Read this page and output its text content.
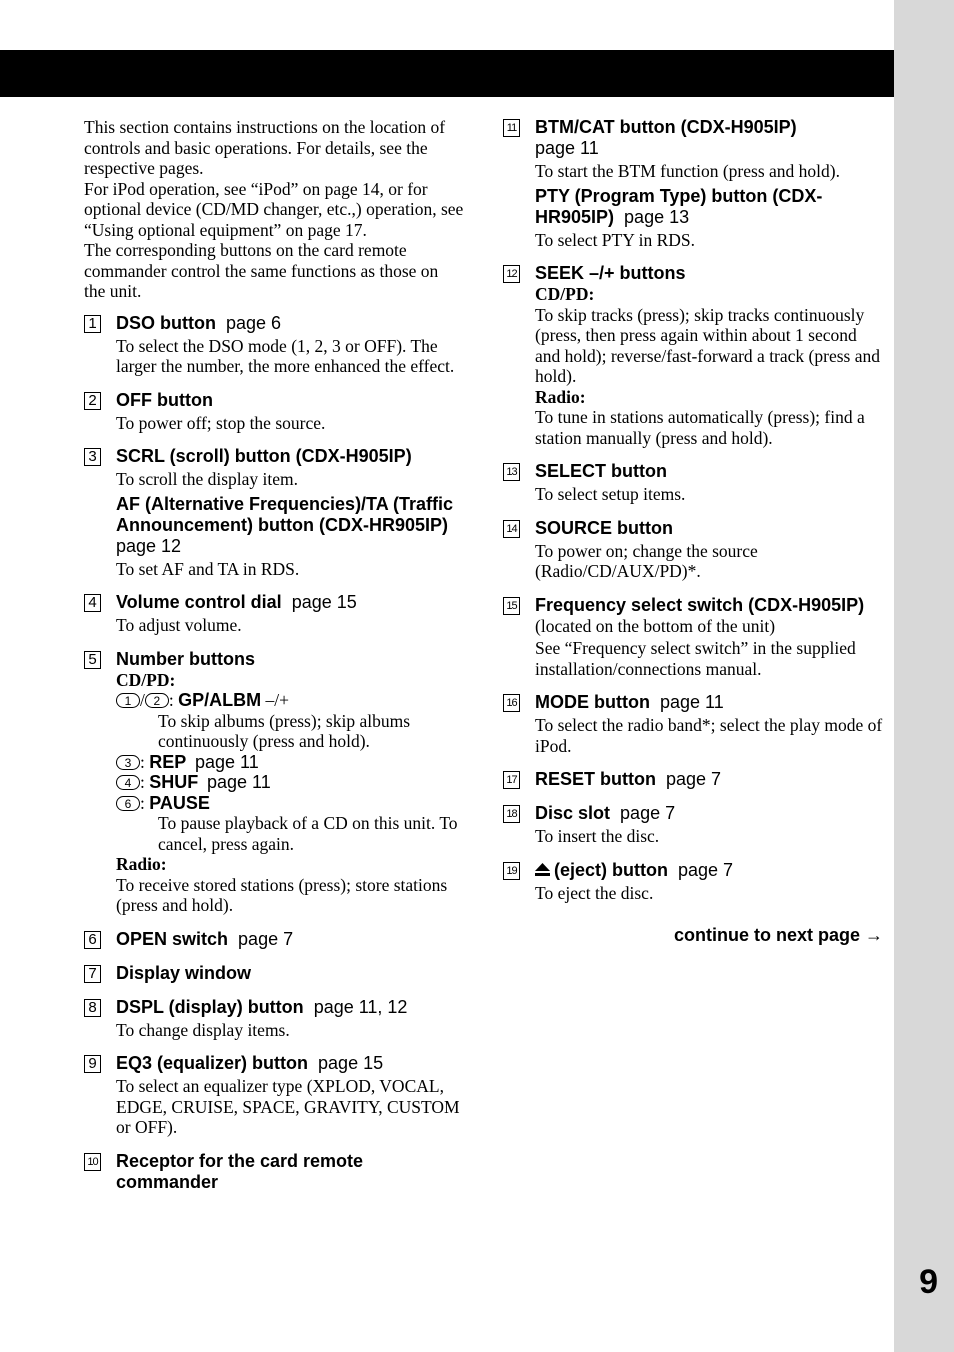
9

This section contains instructions on the location of controls and basic operations. For details, see the respective pages.

For iPod operation, see “iPod” on page 14, or for optional device (CD/MD changer, etc.,) operation, see “Using optional equipment” on page 17.

The corresponding buttons on the card remote commander control the same functions as those on the unit.

1 DSO button page 6
To select the DSO mode (1, 2, 3 or OFF). The larger the number, the more enhanced the effect.
2 OFF button
To power off; stop the source.
3 SCRL (scroll) button (CDX-H905IP)
To scroll the display item.
AF (Alternative Frequencies)/TA (Traffic Announcement) button (CDX-HR905IP)  page 12
To set AF and TA in RDS.
4 Volume control dial page 15
To adjust volume.
5 Number buttons
CD/PD:
1 / 2 : GP/ALBM –/+
To skip albums (press); skip albums continuously (press and hold).
3 : REP page 11
4 : SHUF page 11
6 : PAUSE
To pause playback of a CD on this unit. To cancel, press again.
Radio:
To receive stored stations (press); store stations (press and hold).
6 OPEN switch page 7
7 Display window
8 DSPL (display) button page 11, 12
To change display items.
9 EQ3 (equalizer) button page 15
To select an equalizer type (XPLOD, VOCAL, EDGE, CRUISE, SPACE, GRAVITY, CUSTOM or OFF).
10 Receptor for the card remote commander
11 BTM/CAT button (CDX-H905IP)
page 11
To start the BTM function (press and hold).
PTY (Program Type) button (CDX-HR905IP) page 13
To select PTY in RDS.
12 SEEK –/+ buttons
CD/PD:
To skip tracks (press); skip tracks continuously (press, then press again within about 1 second and hold); reverse/fast-forward a track (press and hold).
Radio:
To tune in stations automatically (press); find a station manually (press and hold).
13 SELECT button
To select setup items.
14 SOURCE button
To power on; change the source (Radio/CD/AUX/PD)*.
15 Frequency select switch (CDX-H905IP) (located on the bottom of the unit)
See “Frequency select switch” in the supplied installation/connections manual.
16 MODE button page 11
To select the radio band*; select the play mode of iPod.
17 RESET button page 7
18 Disc slot page 7
To insert the disc.
19	(eject) button page 7
To eject the disc.
continue to next page →
